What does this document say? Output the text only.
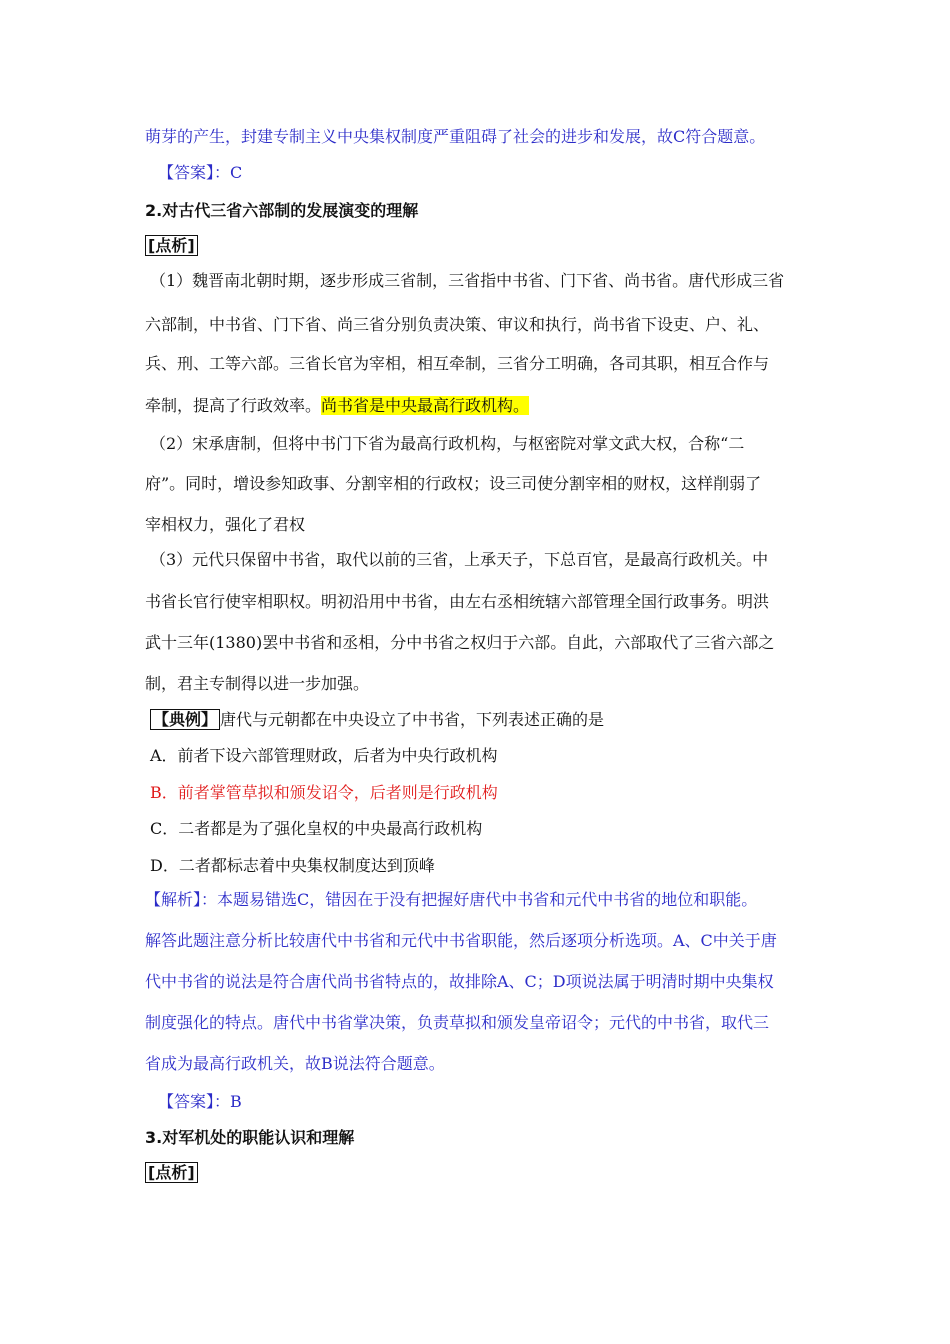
萌芽的产生，封建专制主义中央集权制度严重阻碍了社会的进步和发展，故C符合题意。
【答案】：C
2.对古代三省六部制的发展演变的理解
[点析]
（1）魏晋南北朝时期，逐步形成三省制，三省指中书省、门下省、尚书省。唐代形成三省
六部制，中书省、门下省、尚三省分别负责决策、审议和执行，尚书省下设吏、户、礼、
兵、刑、工等六部。三省长官为宰相，相互牵制，三省分工明确，各司其职，相互合作与
牵制，提高了行政效率。尚书省是中央最高行政机构。
（2）宋承唐制，但将中书门下省为最高行政机构，与枢密院对掌文武大权，合称“二
府”。同时，增设参知政事、分割宰相的行政权；设三司使分割宰相的财权，这样削弱了
宰相权力，强化了君权
（3）元代只保留中书省，取代以前的三省，上承天子，下总百官，是最高行政机关。中
书省长官行使宰相职权。明初沿用中书省，由左右丞相统辖六部管理全国行政事务。明洪
武十三年(1380)罢中书省和丞相，分中书省之权归于六部。自此，六部取代了三省六部之
制，君主专制得以进一步加强。
【典例】 唐代与元朝都在中央设立了中书省，下列表述正确的是
A．前者下设六部管理财政，后者为中央行政机构
B．前者掌管草拟和颁发诏令，后者则是行政机构
C．二者都是为了强化皇权的中央最高行政机构
D．二者都标志着中央集权制度达到顶峰
【解析】：本题易错选C，错因在于没有把握好唐代中书省和元代中书省的地位和职能。
解答此题注意分析比较唐代中书省和元代中书省职能，然后逐项分析选项。A、C中关于唐
代中书省的说法是符合唐代尚书省特点的，故排除A、C；D项说法属于明清时期中央集权
制度强化的特点。唐代中书省掌决策，负责草拟和颁发皇帝诏令；元代的中书省，取代三
省成为最高行政机关，故B说法符合题意。
【答案】：B
3.对军机处的职能认识和理解
[点析]
